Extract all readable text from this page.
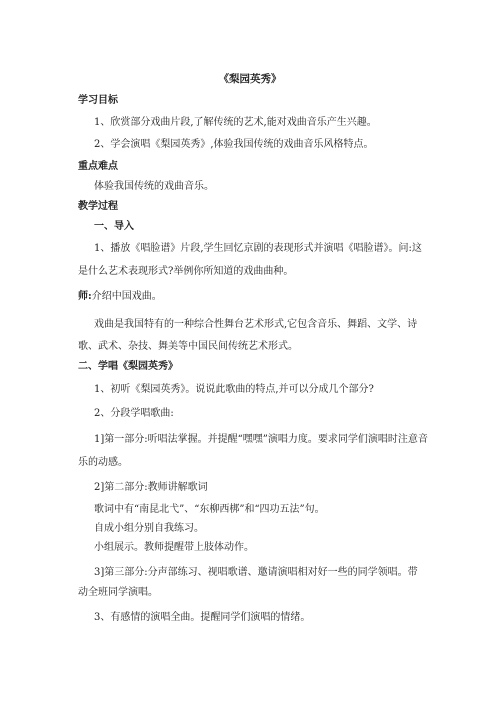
《梨园英秀》
学习目标
1、欣赏部分戏曲片段,了解传统的艺术,能对戏曲音乐产生兴趣。
2、学会演唱《梨园英秀》,体验我国传统的戏曲音乐风格特点。
重点难点
体验我国传统的戏曲音乐。
教学过程
一、导入
1、播放《唱脸谱》片段,学生回忆京剧的表现形式并演唱《唱脸谱》。问:这
是什么艺术表现形式?举例你所知道的戏曲曲种。
师:介绍中国戏曲。
戏曲是我国特有的一种综合性舞台艺术形式,它包含音乐、舞蹈、文学、诗
歌、武术、杂技、舞美等中国民间传统艺术形式。
二、学唱《梨园英秀》
1、初听《梨园英秀》。说说此歌曲的特点,并可以分成几个部分?
2、分段学唱歌曲:
1]第一部分:听唱法掌握。并提醒“嘿嘿”演唱力度。要求同学们演唱时注意音
乐的动感。
2]第二部分:教师讲解歌词
歌词中有“南昆北弋”、“东柳西梆”和“四功五法”句。
自成小组分别自我练习。
小组展示。教师提醒带上肢体动作。
3]第三部分:分声部练习、视唱歌谱、邀请演唱相对好一些的同学领唱。带
动全班同学演唱。
3、有感情的演唱全曲。提醒同学们演唱的情绪。
